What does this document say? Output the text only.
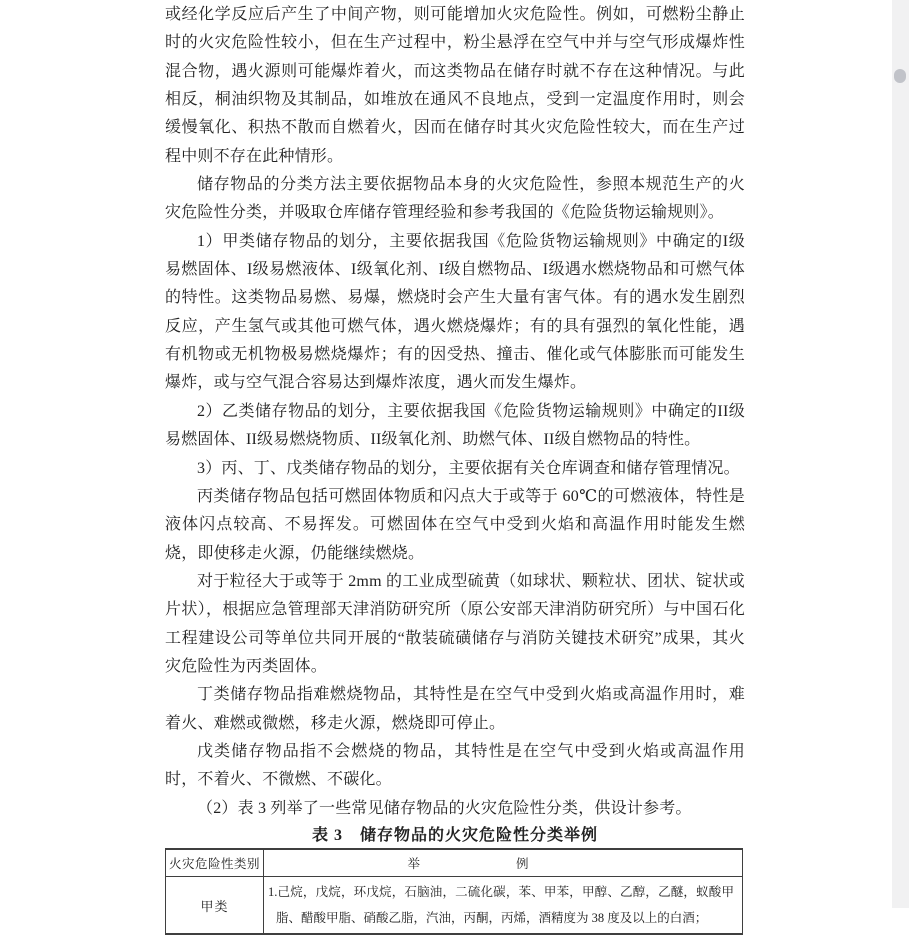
或经化学反应后产生了中间产物，则可能增加火灾危险性。例如，可燃粉尘静止时的火灾危险性较小，但在生产过程中，粉尘悬浮在空气中并与空气形成爆炸性混合物，遇火源则可能爆炸着火，而这类物品在储存时就不存在这种情况。与此相反，桐油织物及其制品，如堆放在通风不良地点，受到一定温度作用时，则会缓慢氧化、积热不散而自燃着火，因而在储存时其火灾危险性较大，而在生产过程中则不存在此种情形。

储存物品的分类方法主要依据物品本身的火灾危险性，参照本规范生产的火灾危险性分类，并吸取仓库储存管理经验和参考我国的《危险货物运输规则》。

1）甲类储存物品的划分，主要依据我国《危险货物运输规则》中确定的I级易燃固体、I级易燃液体、I级氧化剂、I级自燃物品、I级遇水燃烧物品和可燃气体的特性。这类物品易燃、易爆，燃烧时会产生大量有害气体。有的遇水发生剧烈反应，产生氢气或其他可燃气体，遇火燃烧爆炸；有的具有强烈的氧化性能，遇有机物或无机物极易燃烧爆炸；有的因受热、撞击、催化或气体膨胀而可能发生爆炸，或与空气混合容易达到爆炸浓度，遇火而发生爆炸。

2）乙类储存物品的划分，主要依据我国《危险货物运输规则》中确定的II级易燃固体、II级易燃烧物质、II级氧化剂、助燃气体、II级自燃物品的特性。

3）丙、丁、戊类储存物品的划分，主要依据有关仓库调查和储存管理情况。

丙类储存物品包括可燃固体物质和闪点大于或等于 60℃的可燃液体，特性是液体闪点较高、不易挥发。可燃固体在空气中受到火焰和高温作用时能发生燃烧，即使移走火源，仍能继续燃烧。

对于粒径大于或等于 2mm 的工业成型硫黄（如球状、颗粒状、团状、锭状或片状），根据应急管理部天津消防研究所（原公安部天津消防研究所）与中国石化工程建设公司等单位共同开展的“散装硫磺储存与消防关键技术研究”成果，其火灾危险性为丙类固体。

丁类储存物品指难燃烧物品，其特性是在空气中受到火焰或高温作用时，难着火、难燃或微燃，移走火源，燃烧即可停止。

戊类储存物品指不会燃烧的物品，其特性是在空气中受到火焰或高温作用时，不着火、不微燃、不碳化。

（2）表 3 列举了一些常见储存物品的火灾危险性分类，供设计参考。

表 3　储存物品的火灾危险性分类举例
火灾危险性类别	举 例

甲类	1.己烷，戊烷，环戊烷，石脑油，二硫化碳，苯、甲苯，甲醇、乙醇，乙醚，蚁酸甲脂、醋酸甲脂、硝酸乙脂，汽油，丙酮，丙烯，酒精度为 38 度及以上的白酒；
